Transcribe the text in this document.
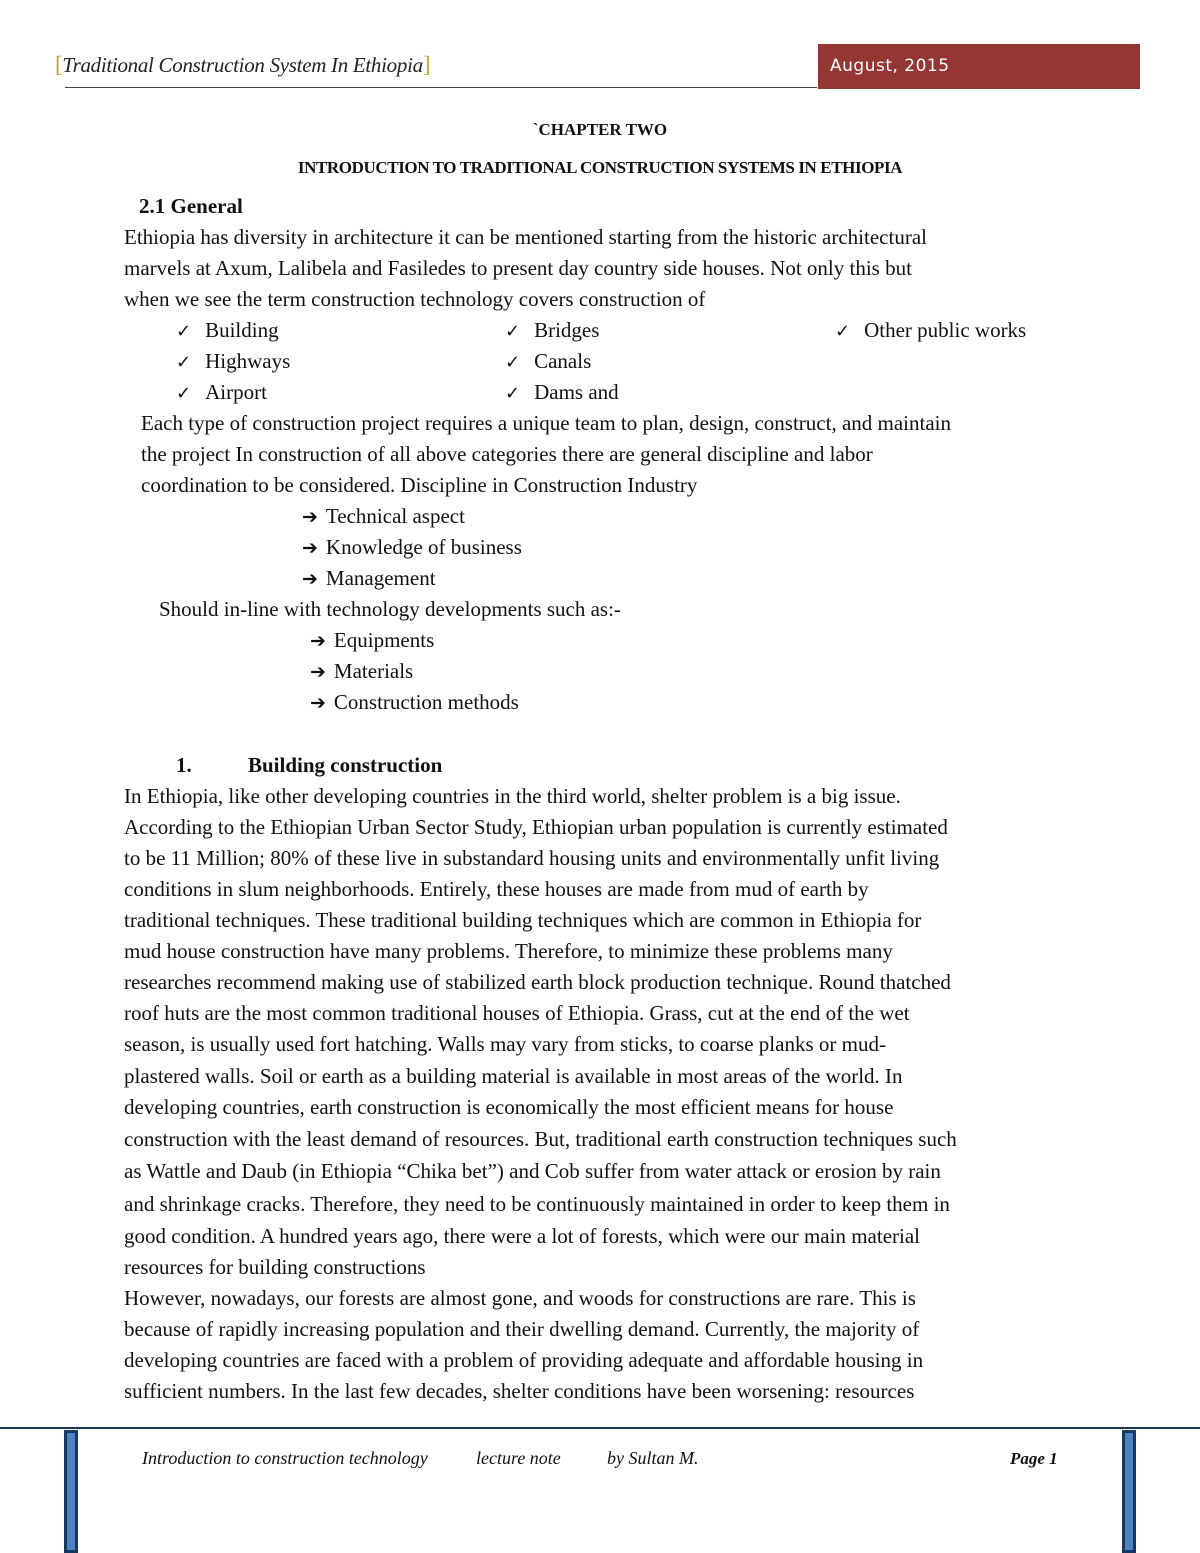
[Traditional Construction System In Ethiopia]	August, 2015
`CHAPTER TWO
INTRODUCTION TO TRADITIONAL CONSTRUCTION SYSTEMS IN ETHIOPIA
2.1 General
Ethiopia has diversity in architecture it can be mentioned starting from the historic architectural
marvels at Axum, Lalibela and Fasiledes to present day country side houses. Not only this but
when we see the term construction technology covers construction of
✓ Building
✓ Highways
✓ Airport
✓ Bridges
✓ Canals
✓ Dams and
✓ Other public works
Each type of construction project requires a unique team to plan, design, construct, and maintain
the project In construction of all above categories there are general discipline and labor
coordination to be considered. Discipline in Construction Industry
➔ Technical aspect
➔ Knowledge of business
➔ Management
Should in-line with technology developments such as:-
➔ Equipments
➔ Materials
➔ Construction methods
1.	Building construction
In Ethiopia, like other developing countries in the third world, shelter problem is a big issue.
According to the Ethiopian Urban Sector Study, Ethiopian urban population is currently estimated
to be 11 Million; 80% of these live in substandard housing units and environmentally unfit living
conditions in slum neighborhoods. Entirely, these houses are made from mud of earth by
traditional techniques. These traditional building techniques which are common in Ethiopia for
mud house construction have many problems. Therefore, to minimize these problems many
researches recommend making use of stabilized earth block production technique. Round thatched
roof huts are the most common traditional houses of Ethiopia. Grass, cut at the end of the wet
season, is usually used fort hatching. Walls may vary from sticks, to coarse planks or mud-
plastered walls. Soil or earth as a building material is available in most areas of the world. In
developing countries, earth construction is economically the most efficient means for house
construction with the least demand of resources. But, traditional earth construction techniques such
as Wattle and Daub (in Ethiopia “Chika bet”) and Cob suffer from water attack or erosion by rain
and shrinkage cracks. Therefore, they need to be continuously maintained in order to keep them in
good condition. A hundred years ago, there were a lot of forests, which were our main material
resources for building constructions
However, nowadays, our forests are almost gone, and woods for constructions are rare. This is
because of rapidly increasing population and their dwelling demand. Currently, the majority of
developing countries are faced with a problem of providing adequate and affordable housing in
sufficient numbers. In the last few decades, shelter conditions have been worsening: resources
Introduction to construction technology	lecture note	by Sultan M.	Page 1
